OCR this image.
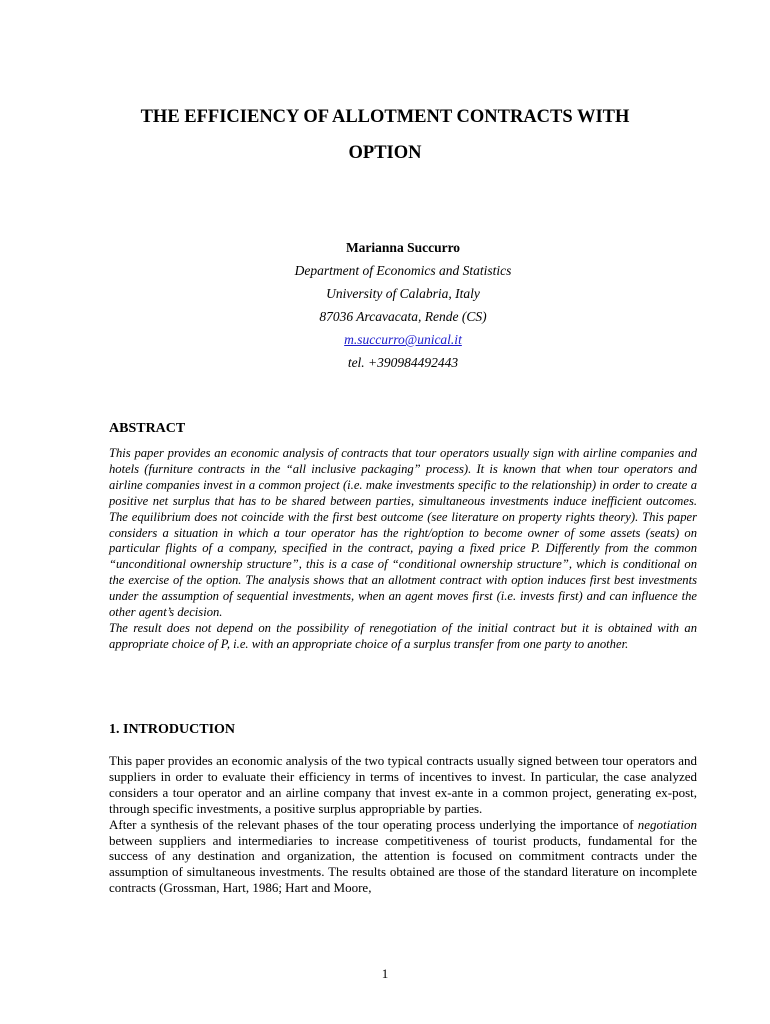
THE EFFICIENCY OF ALLOTMENT CONTRACTS WITH
OPTION
Marianna Succurro
Department of Economics and Statistics
University of Calabria, Italy
87036 Arcavacata, Rende (CS)
m.succurro@unical.it
tel. +390984492443
ABSTRACT

This paper provides an economic analysis of contracts that tour operators usually sign with airline companies and hotels (furniture contracts in the “all inclusive packaging” process). It is known that when tour operators and airline companies invest in a common project (i.e. make investments specific to the relationship) in order to create a positive net surplus that has to be shared between parties, simultaneous investments induce inefficient outcomes. The equilibrium does not coincide with the first best outcome (see literature on property rights theory). This paper considers a situation in which a tour operator has the right/option to become owner of some assets (seats) on particular flights of a company, specified in the contract, paying a fixed price P. Differently from the common “unconditional ownership structure”, this is a case of “conditional ownership structure”, which is conditional on the exercise of the option. The analysis shows that an allotment contract with option induces first best investments under the assumption of sequential investments, when an agent moves first (i.e. invests first) and can influence the other agent’s decision.

The result does not depend on the possibility of renegotiation of the initial contract but it is obtained with an appropriate choice of P, i.e. with an appropriate choice of a surplus transfer from one party to another.

1. INTRODUCTION

This paper provides an economic analysis of the two typical contracts usually signed between tour operators and suppliers in order to evaluate their efficiency in terms of incentives to invest. In particular, the case analyzed considers a tour operator and an airline company that invest ex-ante in a common project, generating ex-post, through specific investments, a positive surplus appropriable by parties.

After a synthesis of the relevant phases of the tour operating process underlying the importance of negotiation between suppliers and intermediaries to increase competitiveness of tourist products, fundamental for the success of any destination and organization, the attention is focused on commitment contracts under the assumption of simultaneous investments. The results obtained are those of the standard literature on incomplete contracts (Grossman, Hart, 1986; Hart and Moore,

1
